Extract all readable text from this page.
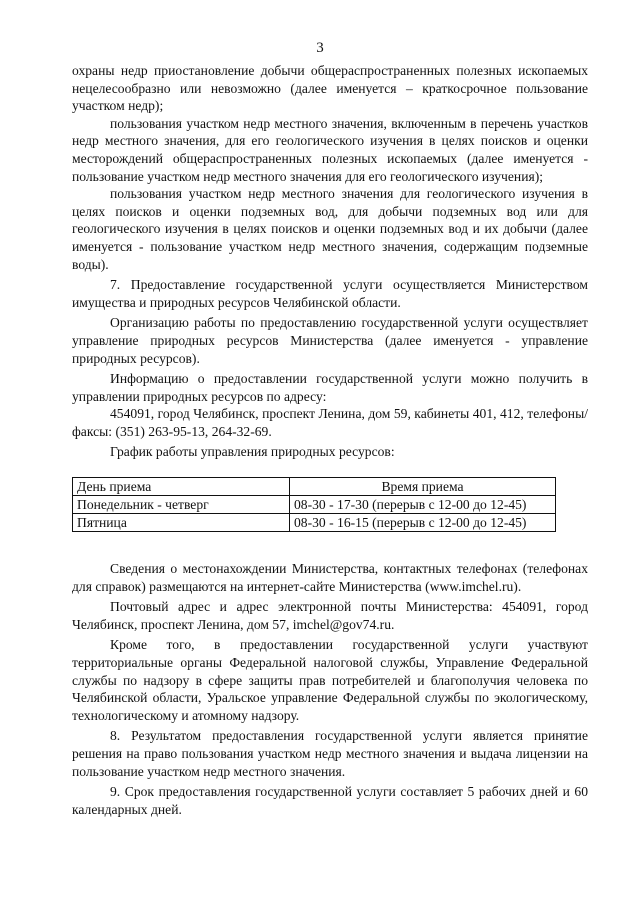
3

охраны недр приостановление добычи общераспространенных полезных ископаемых нецелесообразно или невозможно (далее именуется – краткосрочное пользование участком недр);

пользования участком недр местного значения, включенным в перечень участков недр местного значения, для его геологического изучения в целях поисков и оценки месторождений общераспространенных полезных ископаемых (далее именуется - пользование участком недр местного значения для его геологического изучения);

пользования участком недр местного значения для геологического изучения в целях поисков и оценки подземных вод, для добычи подземных вод или для геологического изучения в целях поисков и оценки подземных вод и их добычи (далее именуется - пользование участком недр местного значения, содержащим подземные воды).

7. Предоставление государственной услуги осуществляется Министерством имущества и природных ресурсов Челябинской области.

Организацию работы по предоставлению государственной услуги осуществляет управление природных ресурсов Министерства (далее именуется - управление природных ресурсов).

Информацию о предоставлении государственной услуги можно получить в управлении природных ресурсов по адресу:

454091, город Челябинск, проспект Ленина, дом 59, кабинеты 401, 412, телефоны/факсы: (351) 263-95-13, 264-32-69.

График работы управления природных ресурсов:

День приема	Время приема
Понедельник - четверг	08-30 - 17-30 (перерыв с 12-00 до 12-45)
Пятница	08-30 - 16-15 (перерыв с 12-00 до 12-45)

Сведения о местонахождении Министерства, контактных телефонах (телефонах для справок) размещаются на интернет-сайте Министерства (www.imchel.ru).

Почтовый адрес и адрес электронной почты Министерства: 454091, город Челябинск, проспект Ленина, дом 57, imchel@gov74.ru.

Кроме того, в предоставлении государственной услуги участвуют территориальные органы Федеральной налоговой службы, Управление Федеральной службы по надзору в сфере защиты прав потребителей и благополучия человека по Челябинской области, Уральское управление Федеральной службы по экологическому, технологическому и атомному надзору.

8. Результатом предоставления государственной услуги является принятие решения на право пользования участком недр местного значения и выдача лицензии на пользование участком недр местного значения.

9. Срок предоставления государственной услуги составляет 5 рабочих дней и 60 календарных дней.
